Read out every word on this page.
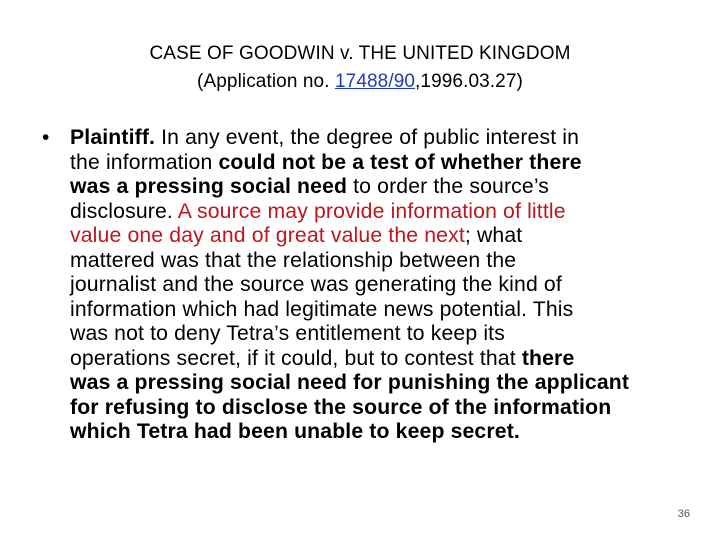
CASE OF GOODWIN v. THE UNITED KINGDOM
(Application no. 17488/90,1996.03.27)
• Plaintiff. In any event, the degree of public interest in
the information could not be a test of whether there
was a pressing social need to order the source’s
disclosure. A source may provide information of little
value one day and of great value the next; what
mattered was that the relationship between the
journalist and the source was generating the kind of
information which had legitimate news potential. This
was not to deny Tetra’s entitlement to keep its
operations secret, if it could, but to contest that there
was a pressing social need for punishing the applicant
for refusing to disclose the source of the information
which Tetra had been unable to keep secret.
36
